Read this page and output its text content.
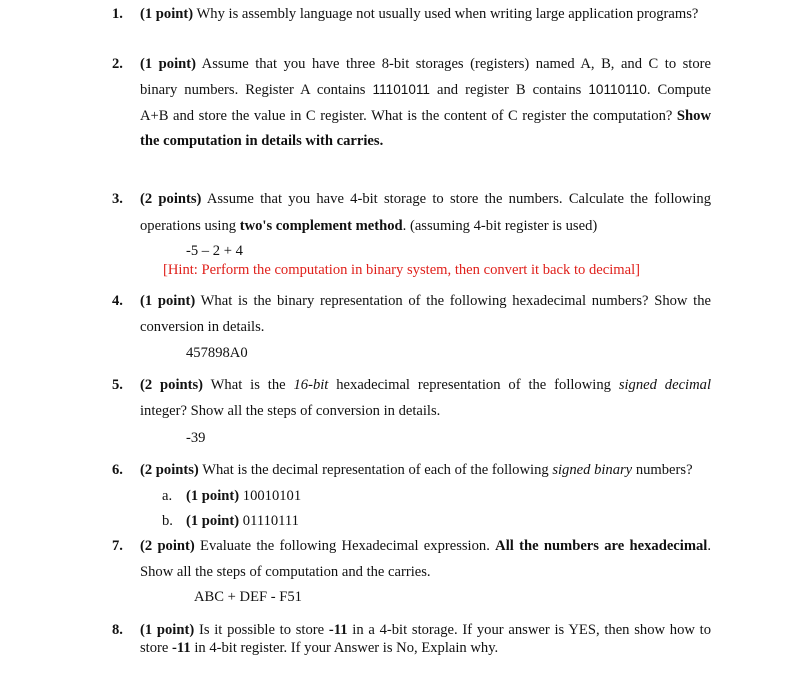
1. (1 point) Why is assembly language not usually used when writing large application programs?
2. (1 point) Assume that you have three 8-bit storages (registers) named A, B, and C to store
binary numbers. Register A contains 11101011 and register B contains 10110110. Compute
A+B and store the value in C register. What is the content of C register the computation? Show
the computation in details with carries.
3. (2 points) Assume that you have 4-bit storage to store the numbers. Calculate the following
operations using two's complement method. (assuming 4-bit register is used)
-5 – 2 + 4
[Hint: Perform the computation in binary system, then convert it back to decimal]
4. (1 point) What is the binary representation of the following hexadecimal numbers? Show the
conversion in details.
457898A0
5. (2 points) What is the 16-bit hexadecimal representation of the following signed decimal
integer? Show all the steps of conversion in details.
-39
6. (2 points) What is the decimal representation of each of the following signed binary numbers?
a. (1 point) 10010101
b. (1 point) 01110111
7. (2 point) Evaluate the following Hexadecimal expression. All the numbers are hexadecimal.
Show all the steps of computation and the carries.
ABC + DEF - F51
8. (1 point) Is it possible to store -11 in a 4-bit storage. If your answer is YES, then show how to
store -11 in 4-bit register. If your Answer is No, Explain why.
